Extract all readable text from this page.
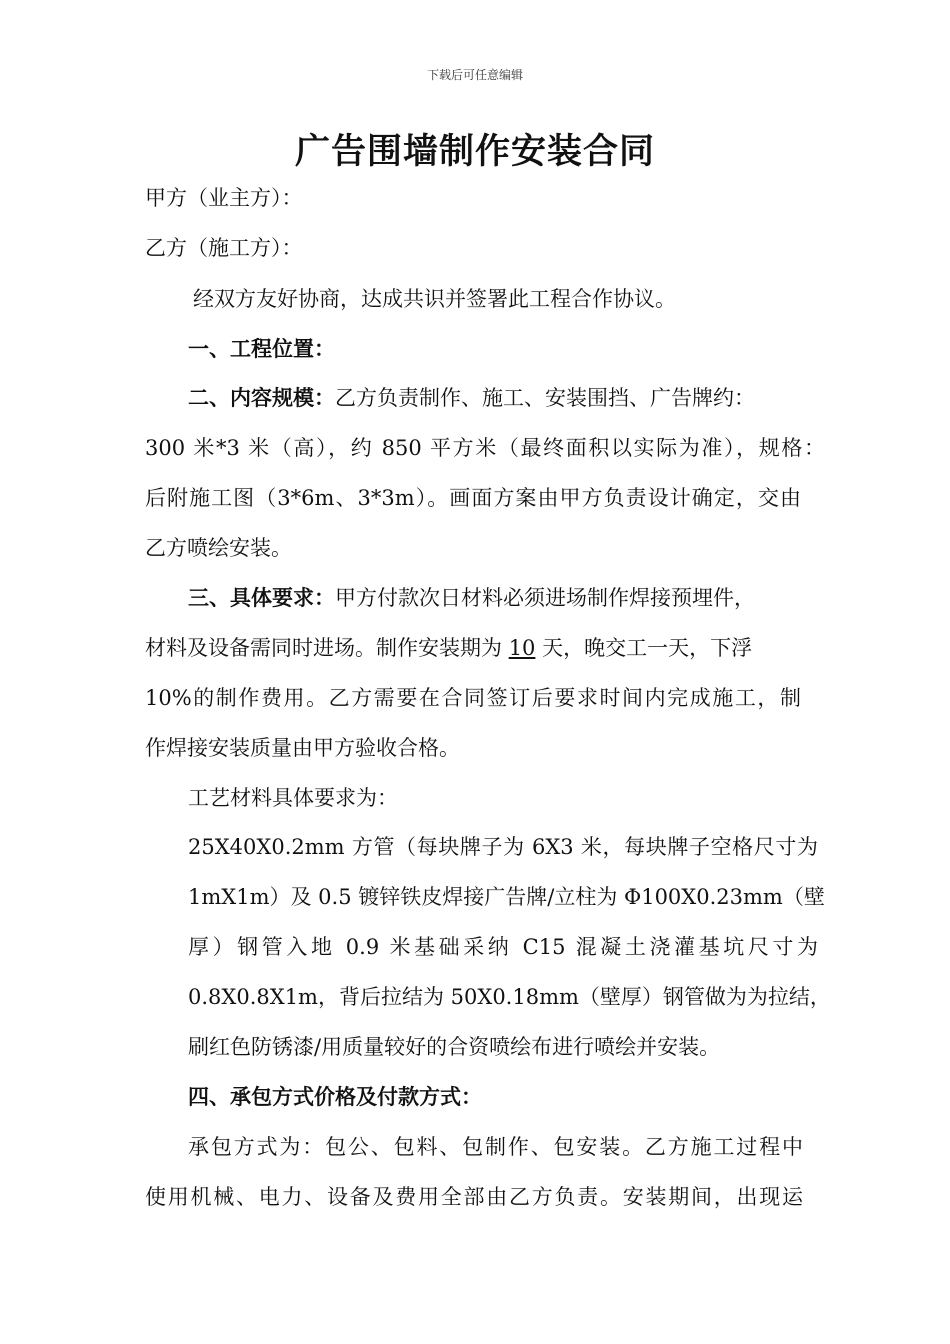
下载后可任意编辑
广告围墙制作安装合同
甲方（业主方）：
乙方（施工方）：
经双方友好协商，达成共识并签署此工程合作协议。
一、工程位置：
二、内容规模：乙方负责制作、施工、安装围挡、广告牌约：
300 米*3 米（高），约 850 平方米（最终面积以实际为准），规格：
后附施工图（3*6m、3*3m）。画面方案由甲方负责设计确定，交由
乙方喷绘安装。
三、具体要求：甲方付款次日材料必须进场制作焊接预埋件，
材料及设备需同时进场。制作安装期为 10 天，晚交工一天，下浮
10%的制作费用。乙方需要在合同签订后要求时间内完成施工，制
作焊接安装质量由甲方验收合格。
工艺材料具体要求为：
25X40X0.2mm 方管（每块牌子为 6X3 米，每块牌子空格尺寸为
1mX1m）及 0.5 镀锌铁皮焊接广告牌/立柱为 Φ100X0.23mm（壁
厚）钢管入地 0.9 米基础采纳 C15 混凝土浇灌基坑尺寸为
0.8X0.8X1m，背后拉结为 50X0.18mm（壁厚）钢管做为为拉结，
刷红色防锈漆/用质量较好的合资喷绘布进行喷绘并安装。
四、承包方式价格及付款方式：
承包方式为：包公、包料、包制作、包安装。乙方施工过程中
使用机械、电力、设备及费用全部由乙方负责。安装期间，出现运
